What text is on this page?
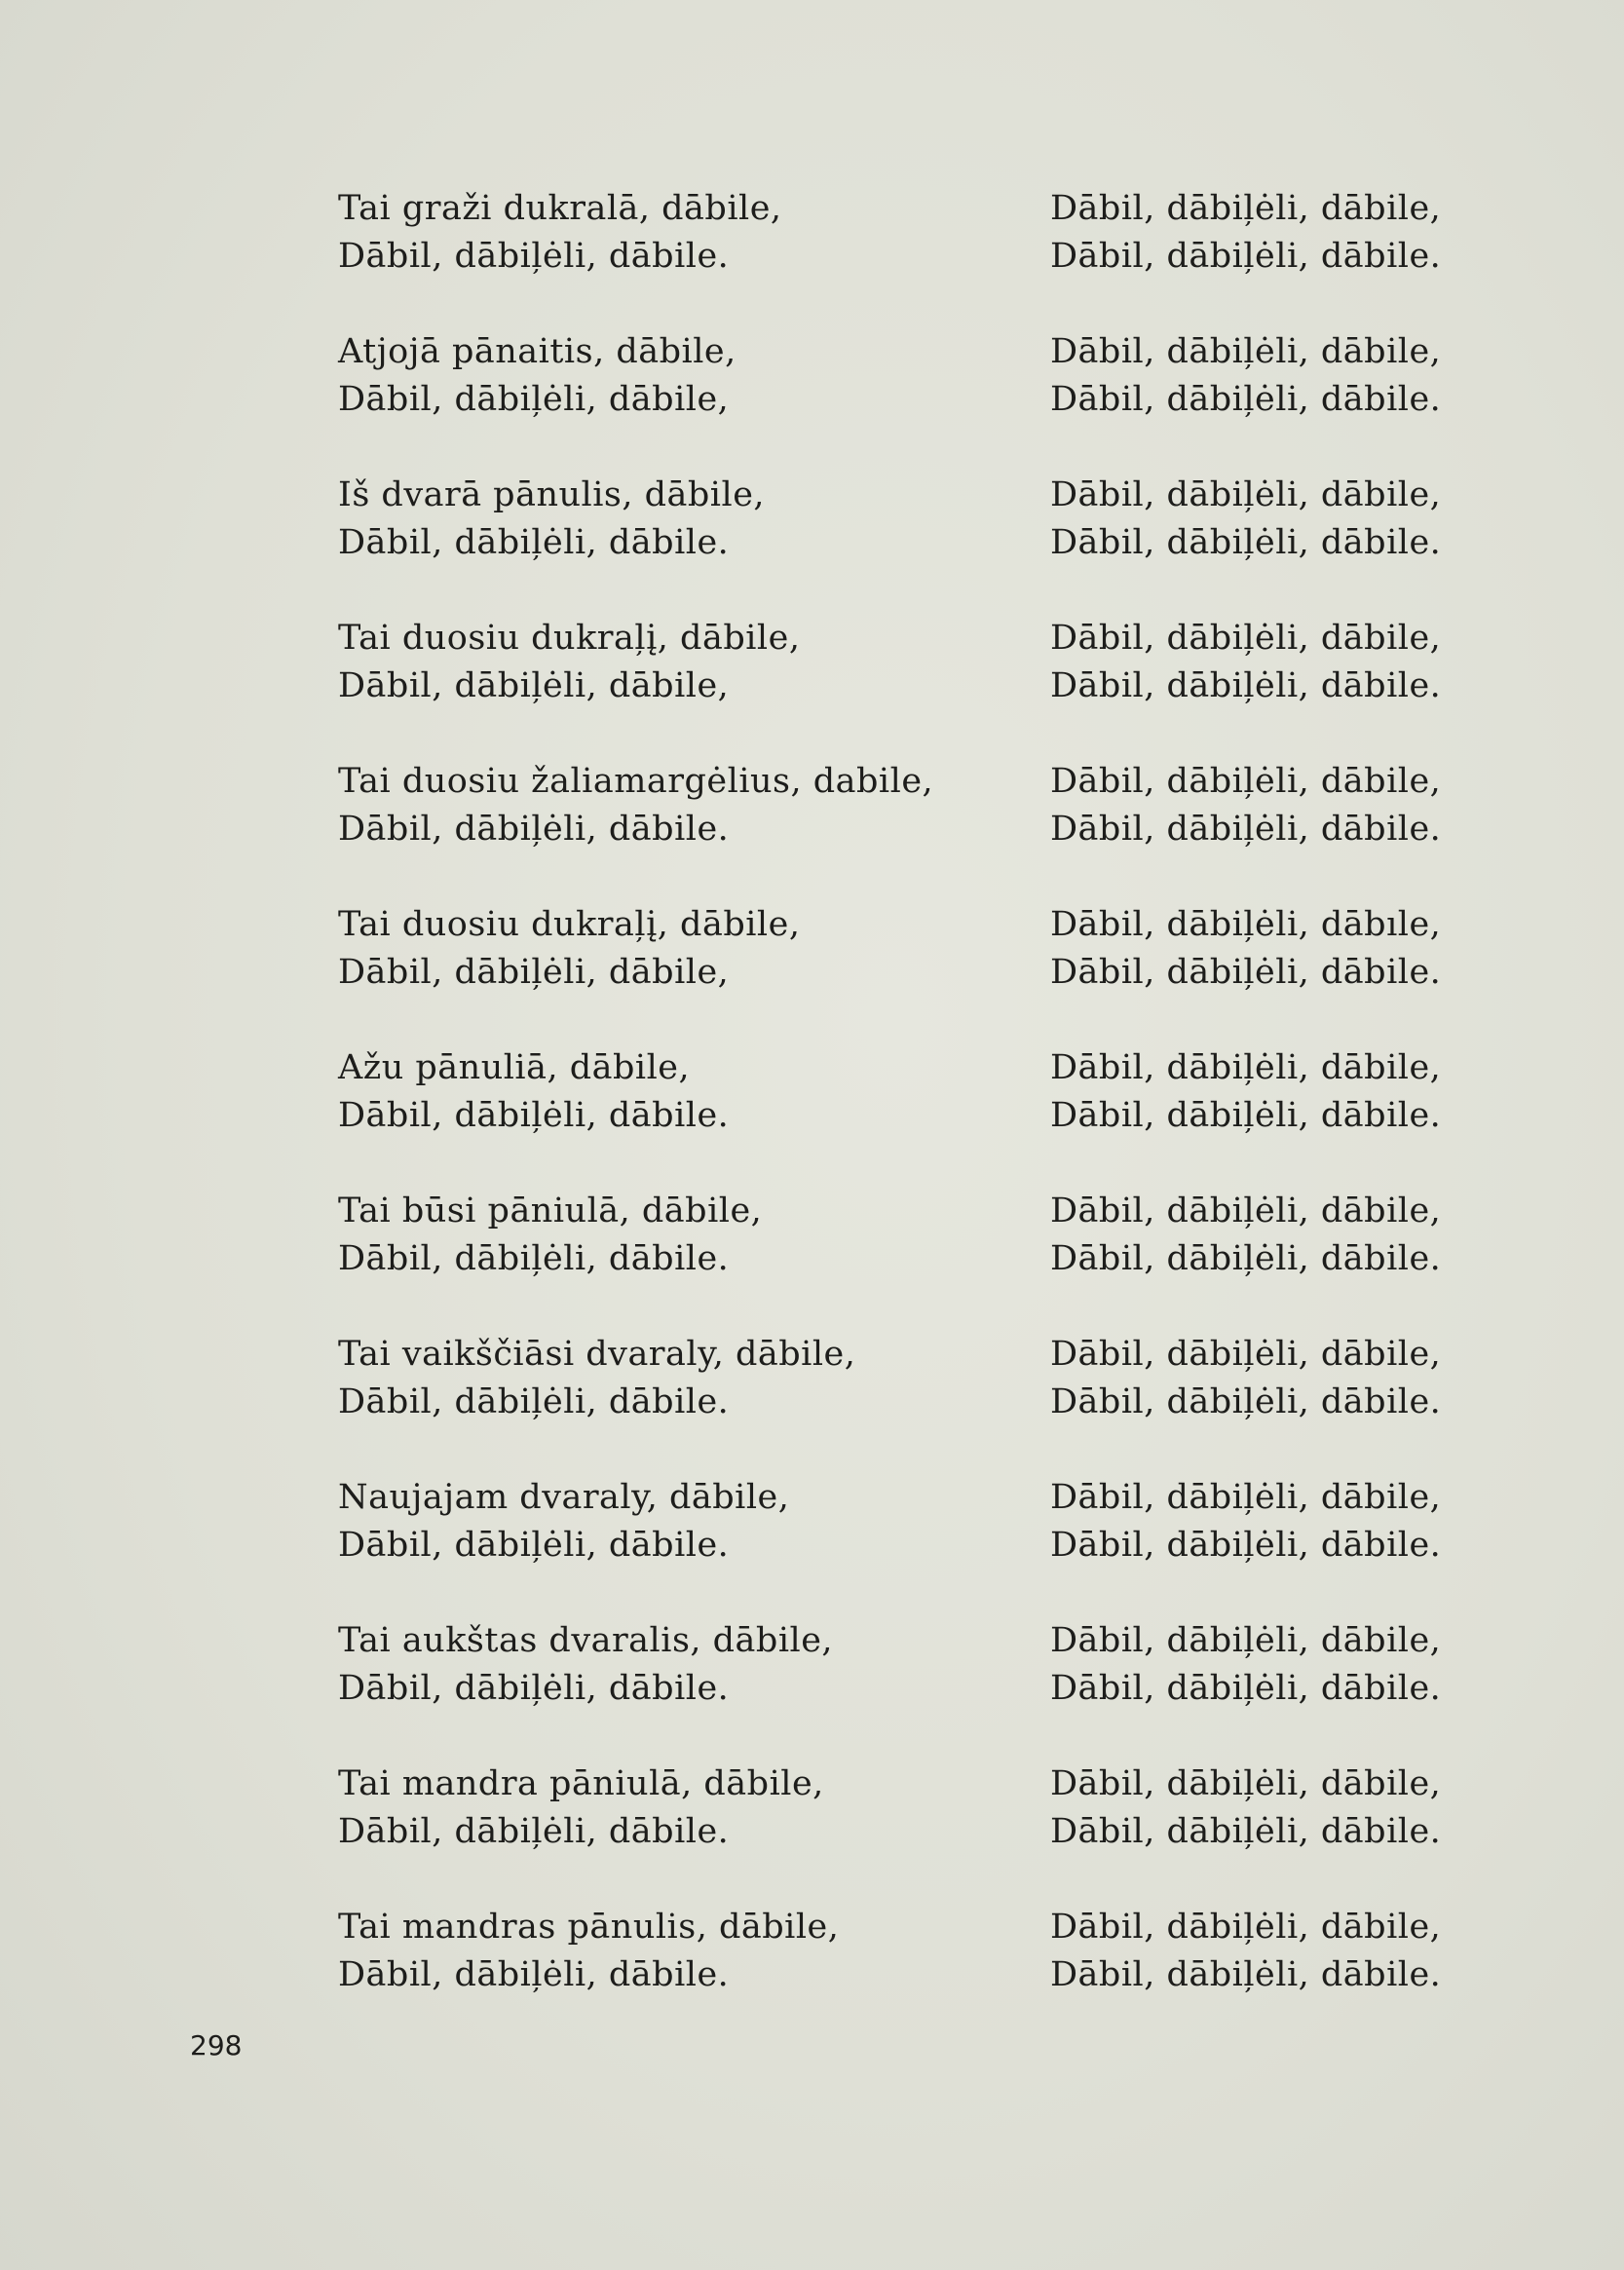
Tai graži dukralā, dābile,
Dābil, dābiļėli, dābile.
Atjojā pānaitis, dābile,
Dābil, dābiļėli, dābile,
Iš dvarā pānulis, dābile,
Dābil, dābiļėli, dābile.
Tai duosiu dukraļį, dābile,
Dābil, dābiļėli, dābile,
Tai duosiu žaliamargėlius, dabile,
Dābil, dābiļėli, dābile.
Tai duosiu dukraļį, dābile,
Dābil, dābiļėli, dābile,
Ažu pānuliā, dābile,
Dābil, dābiļėli, dābile.
Tai būsi pāniulā, dābile,
Dābil, dābiļėli, dābile.
Tai vaikščiāsi dvaraly, dābile,
Dābil, dābiļėli, dābile.
Naujajam dvaraly, dābile,
Dābil, dābiļėli, dābile.
Tai aukštas dvaralis, dābile,
Dābil, dābiļėli, dābile.
Tai mandra pāniulā, dābile,
Dābil, dābiļėli, dābile.
Tai mandras pānulis, dābile,
Dābil, dābiļėli, dābile.
Dābil, dābiļėli, dābile,
Dābil, dābiļėli, dābile.
Dābil, dābiļėli, dābile,
Dābil, dābiļėli, dābile.
Dābil, dābiļėli, dābile,
Dābil, dābiļėli, dābile.
Dābil, dābiļėli, dābile,
Dābil, dābiļėli, dābile.
Dābil, dābiļėli, dābile,
Dābil, dābiļėli, dābile.
Dābil, dābiļėli, dābıle,
Dābil, dābiļėli, dābile.
Dābil, dābiļėli, dābile,
Dābil, dābiļėli, dābile.
Dābil, dābiļėli, dābile,
Dābil, dābiļėli, dābile.
Dābil, dābiļėli, dābile,
Dābil, dābiļėli, dābile.
Dābil, dābiļėli, dābile,
Dābil, dābiļėli, dābile.
Dābil, dābiļėli, dābile,
Dābil, dābiļėli, dābile.
Dābil, dābiļėli, dābile,
Dābil, dābiļėli, dābile.
Dābil, dābiļėli, dābile,
Dābil, dābiļėli, dābile.
298
